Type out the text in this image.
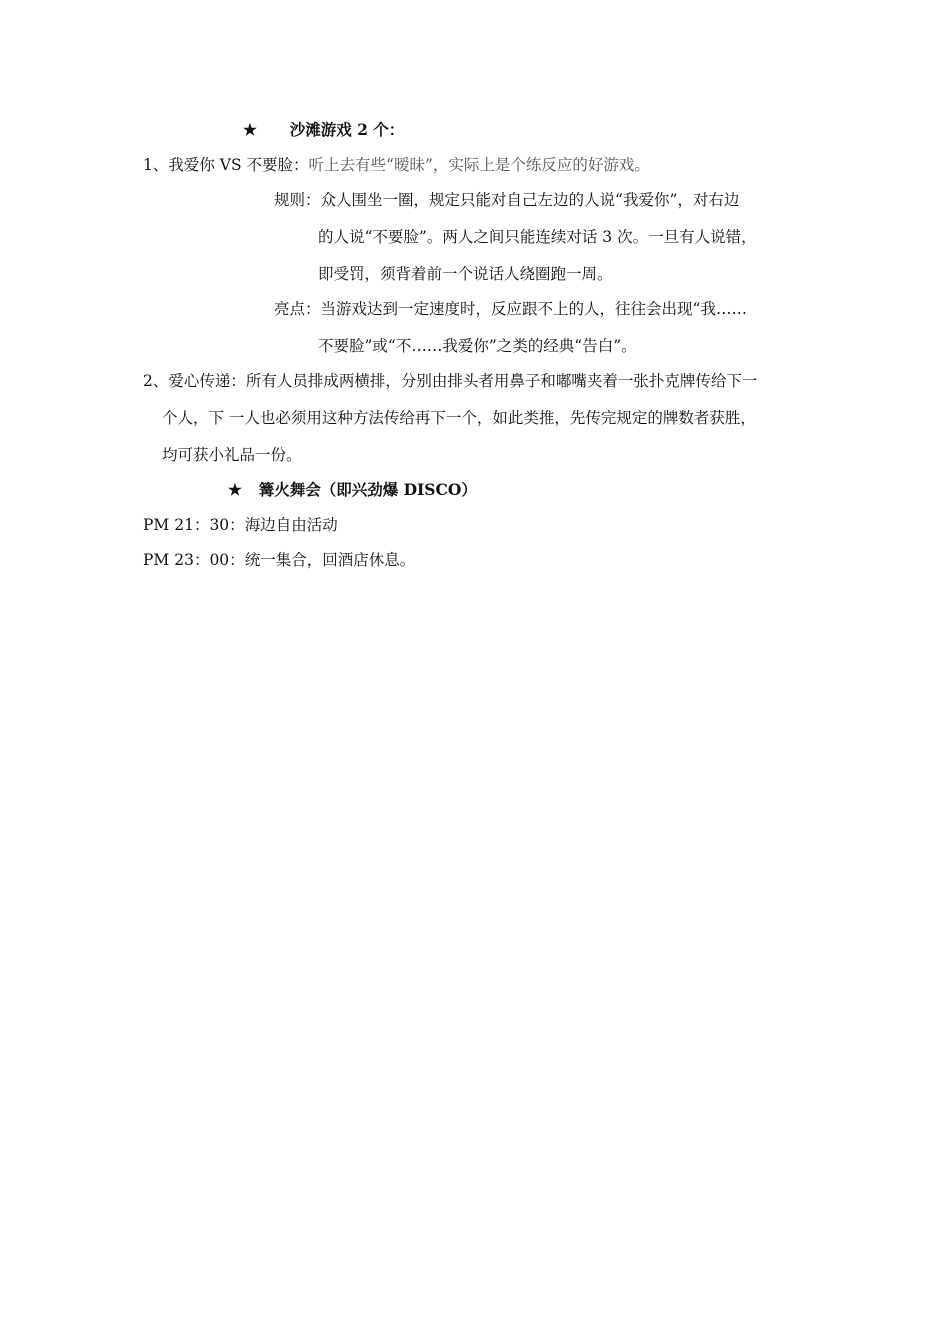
★ 沙滩游戏 2 个：
1、我爱你 VS 不要脸：听上去有些“暧昧”，实际上是个练反应的好游戏。
规则：众人围坐一圈，规定只能对自己左边的人说“我爱你”，对右边
的人说“不要脸”。两人之间只能连续对话 3 次。一旦有人说错，
即受罚，须背着前一个说话人绕圈跑一周。
亮点：当游戏达到一定速度时，反应跟不上的人，往往会出现“我……
不要脸”或“不……我爱你”之类的经典“告白”。
2、爱心传递：所有人员排成两横排，分别由排头者用鼻子和嘟嘴夹着一张扑克牌传给下一
个人，下 一人也必须用这种方法传给再下一个，如此类推，先传完规定的牌数者获胜，
均可获小礼品一份。
★ 篝火舞会（即兴劲爆 DISCO）
PM 21：30：海边自由活动
PM 23：00：统一集合，回酒店休息。
